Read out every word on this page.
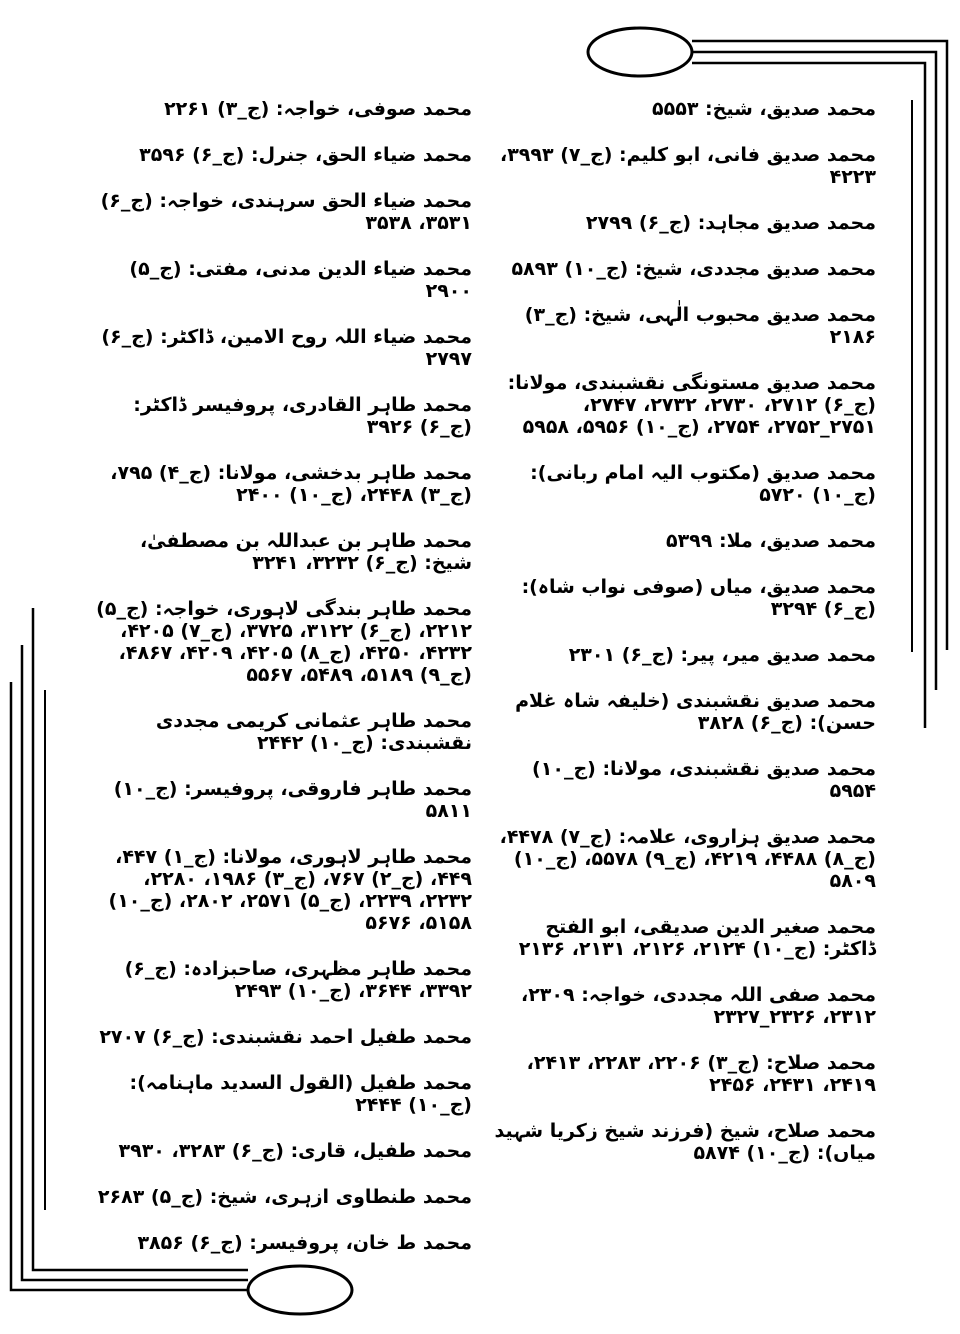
محمد صدیق، شیخ: ۵۵۵۳

محمد صدیق فانی، ابو کلیم: (ج_۷) ۳۹۹۳، ۴۲۲۳

محمد صدیق مجاہد: (ج_۶) ۲۷۹۹

محمد صدیق مجددی، شیخ: (ج_۱۰) ۵۸۹۳

محمد صدیق محبوب الٰہی، شیخ: (ج_۳) ۲۱۸۶

محمد صدیق مستونگی نقشبندی، مولانا: (ج_۶) ۲۷۱۲، ۲۷۳۰، ۲۷۳۲، ۲۷۴۷، ۲۷۵۱_۲۷۵۲، ۲۷۵۴، (ج_۱۰) ۵۹۵۶، ۵۹۵۸

محمد صدیق (مکتوب الیہ امام ربانی): (ج_۱۰) ۵۷۲۰

محمد صدیق، ملا: ۵۳۹۹

محمد صدیق، میاں (صوفی نواب شاہ): (ج_۶) ۳۲۹۴

محمد صدیق میر، پیر: (ج_۶) ۲۳۰۱

محمد صدیق نقشبندی (خلیفہ شاہ غلام حسن): (ج_۶) ۳۸۲۸

محمد صدیق نقشبندی، مولانا: (ج_۱۰) ۵۹۵۴

محمد صدیق ہزاروی، علامہ: (ج_۷) ۴۴۷۸، (ج_۸) ۴۴۸۸، ۴۲۱۹، (ج_۹) ۵۵۷۸، (ج_۱۰) ۵۸۰۹

محمد صغیر الدین صدیقی، ابو الفتح ڈاکٹر: (ج_۱۰) ۲۱۲۴، ۲۱۲۶، ۲۱۳۱، ۲۱۳۶

محمد صفی اللہ مجددی، خواجہ: ۲۳۰۹، ۲۳۱۲، ۲۳۲۶_۲۳۲۷

محمد صلاح: (ج_۳) ۲۲۰۶، ۲۲۸۳، ۲۴۱۳، ۲۴۱۹، ۲۴۳۱، ۲۴۵۶

محمد صلاح، شیخ (فرزند شیخ زکریا شہید میاں): (ج_۱۰) ۵۸۷۴

محمد صوفی، خواجہ: (ج_۳) ۲۲۶۱

محمد ضیاء الحق، جنرل: (ج_۶) ۳۵۹۶

محمد ضیاء الحق سرہندی، خواجہ: (ج_۶) ۳۵۳۱، ۳۵۳۸

محمد ضیاء الدین مدنی، مفتی: (ج_۵) ۲۹۰۰

محمد ضیاء اللہ روح الامین، ڈاکٹر: (ج_۶) ۲۷۹۷

محمد طاہر القادری، پروفیسر ڈاکٹر: (ج_۶) ۳۹۲۶

محمد طاہر بدخشی، مولانا: (ج_۴) ۷۹۵، (ج_۳) ۲۴۴۸، (ج_۱۰) ۲۴۰۰

محمد طاہر بن عبداللہ بن مصطفیٰ، شیخ: (ج_۶) ۳۲۳۲، ۳۲۴۱

محمد طاہر بندگی لاہوری، خواجہ: (ج_۵) ۲۲۱۲، (ج_۶) ۳۱۲۲، ۳۷۲۵، (ج_۷) ۴۲۰۵، ۴۲۳۲، ۴۲۵۰، (ج_۸) ۴۲۰۵، ۴۲۰۹، ۴۸۶۷، (ج_۹) ۵۱۸۹، ۵۴۸۹، ۵۵۶۷

محمد طاہر عثمانی کریمی مجددی نقشبندی: (ج_۱۰) ۲۴۴۲

محمد طاہر فاروقی، پروفیسر: (ج_۱۰) ۵۸۱۱

محمد طاہر لاہوری، مولانا: (ج_۱) ۴۴۷، ۴۴۹، (ج_۲) ۷۶۷، (ج_۳) ۱۹۸۶، ۲۲۸۰، ۲۲۳۲، ۲۲۳۹، (ج_۵) ۲۵۷۱، ۲۸۰۲، (ج_۱۰) ۵۱۵۸، ۵۶۷۶

محمد طاہر مظہری، صاحبزادہ: (ج_۶) ۳۳۹۲، ۳۶۴۴، (ج_۱۰) ۲۴۹۳

محمد طفیل احمد نقشبندی: (ج_۶) ۲۷۰۷

محمد طفیل (القول السدید ماہنامہ): (ج_۱۰) ۲۴۴۴

محمد طفیل، قاری: (ج_۶) ۳۲۸۳، ۳۹۳۰

محمد طنطاوی ازہری، شیخ: (ج_۵) ۲۶۸۳

محمد ط خان، پروفیسر: (ج_۶) ۳۸۵۶
